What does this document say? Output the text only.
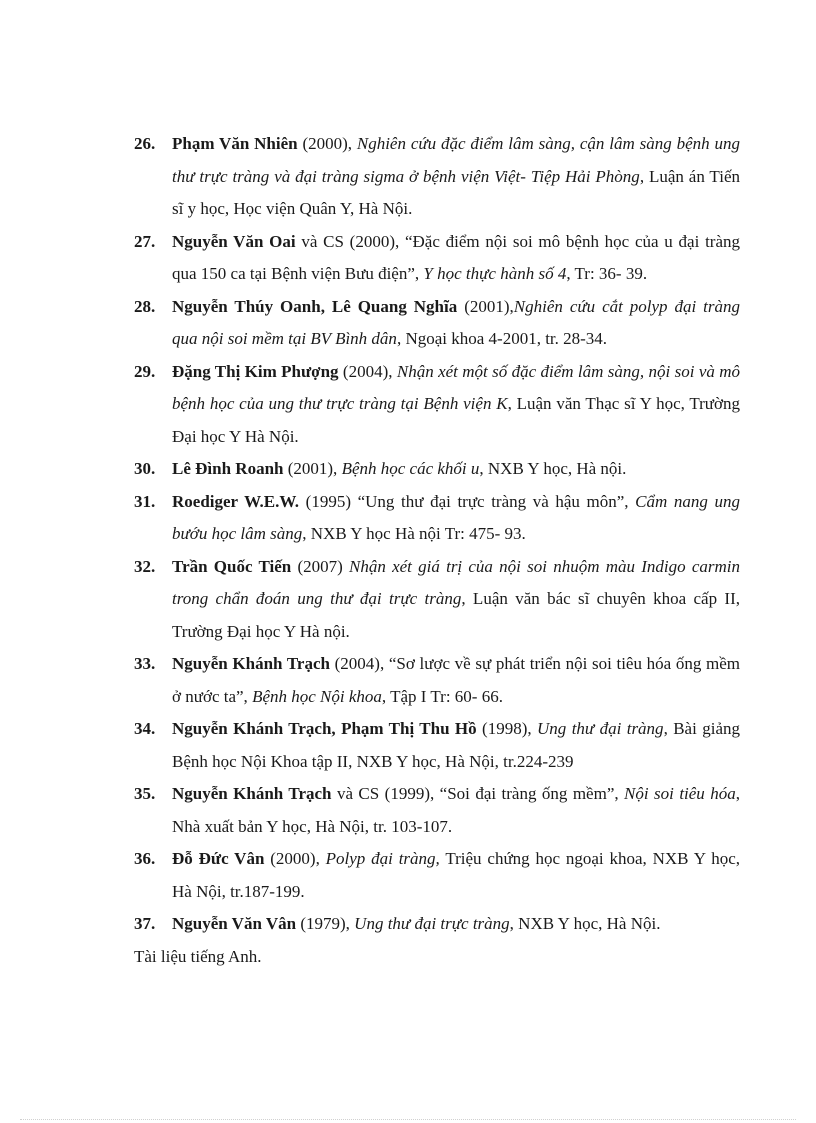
26. Phạm Văn Nhiên (2000), Nghiên cứu đặc điểm lâm sàng, cận lâm sàng bệnh ung thư trực tràng và đại tràng sigma ở bệnh viện Việt- Tiệp Hải Phòng, Luận án Tiến sĩ y học, Học viện Quân Y, Hà Nội.
27. Nguyễn Văn Oai và CS (2000), “Đặc điểm nội soi mô bệnh học của u đại tràng qua 150 ca tại Bệnh viện Bưu điện”, Y học thực hành số 4, Tr: 36- 39.
28. Nguyễn Thúy Oanh, Lê Quang Nghĩa (2001),Nghiên cứu cắt polyp đại tràng qua nội soi mềm tại BV Bình dân, Ngoại khoa 4-2001, tr. 28-34.
29. Đặng Thị Kim Phượng (2004), Nhận xét một số đặc điểm lâm sàng, nội soi và mô bệnh học của ung thư trực tràng tại Bệnh viện K, Luận văn Thạc sĩ Y học, Trường Đại học Y Hà Nội.
30. Lê Đình Roanh (2001), Bệnh học các khối u, NXB Y học, Hà nội.
31. Roediger W.E.W. (1995) “Ung thư đại trực tràng và hậu môn”, Cẩm nang ung bướu học lâm sàng, NXB Y học Hà nội Tr: 475- 93.
32. Trần Quốc Tiến (2007) Nhận xét giá trị của nội soi nhuộm màu Indigo carmin trong chẩn đoán ung thư đại trực tràng, Luận văn bác sĩ chuyên khoa cấp II, Trường Đại học Y Hà nội.
33. Nguyễn Khánh Trạch (2004), “Sơ lược về sự phát triển nội soi tiêu hóa ống mềm ở nước ta”, Bệnh học Nội khoa, Tập I Tr: 60- 66.
34. Nguyễn Khánh Trạch, Phạm Thị Thu Hồ (1998), Ung thư đại tràng, Bài giảng Bệnh học Nội Khoa tập II, NXB Y học, Hà Nội, tr.224-239
35. Nguyễn Khánh Trạch và CS (1999), “Soi đại tràng ống mềm”, Nội soi tiêu hóa, Nhà xuất bản Y học, Hà Nội, tr. 103-107.
36. Đỗ Đức Vân (2000), Polyp đại tràng, Triệu chứng học ngoại khoa, NXB Y học, Hà Nội, tr.187-199.
37. Nguyễn Văn Vân (1979), Ung thư đại trực tràng, NXB Y học, Hà Nội.
Tài liệu tiếng Anh.
